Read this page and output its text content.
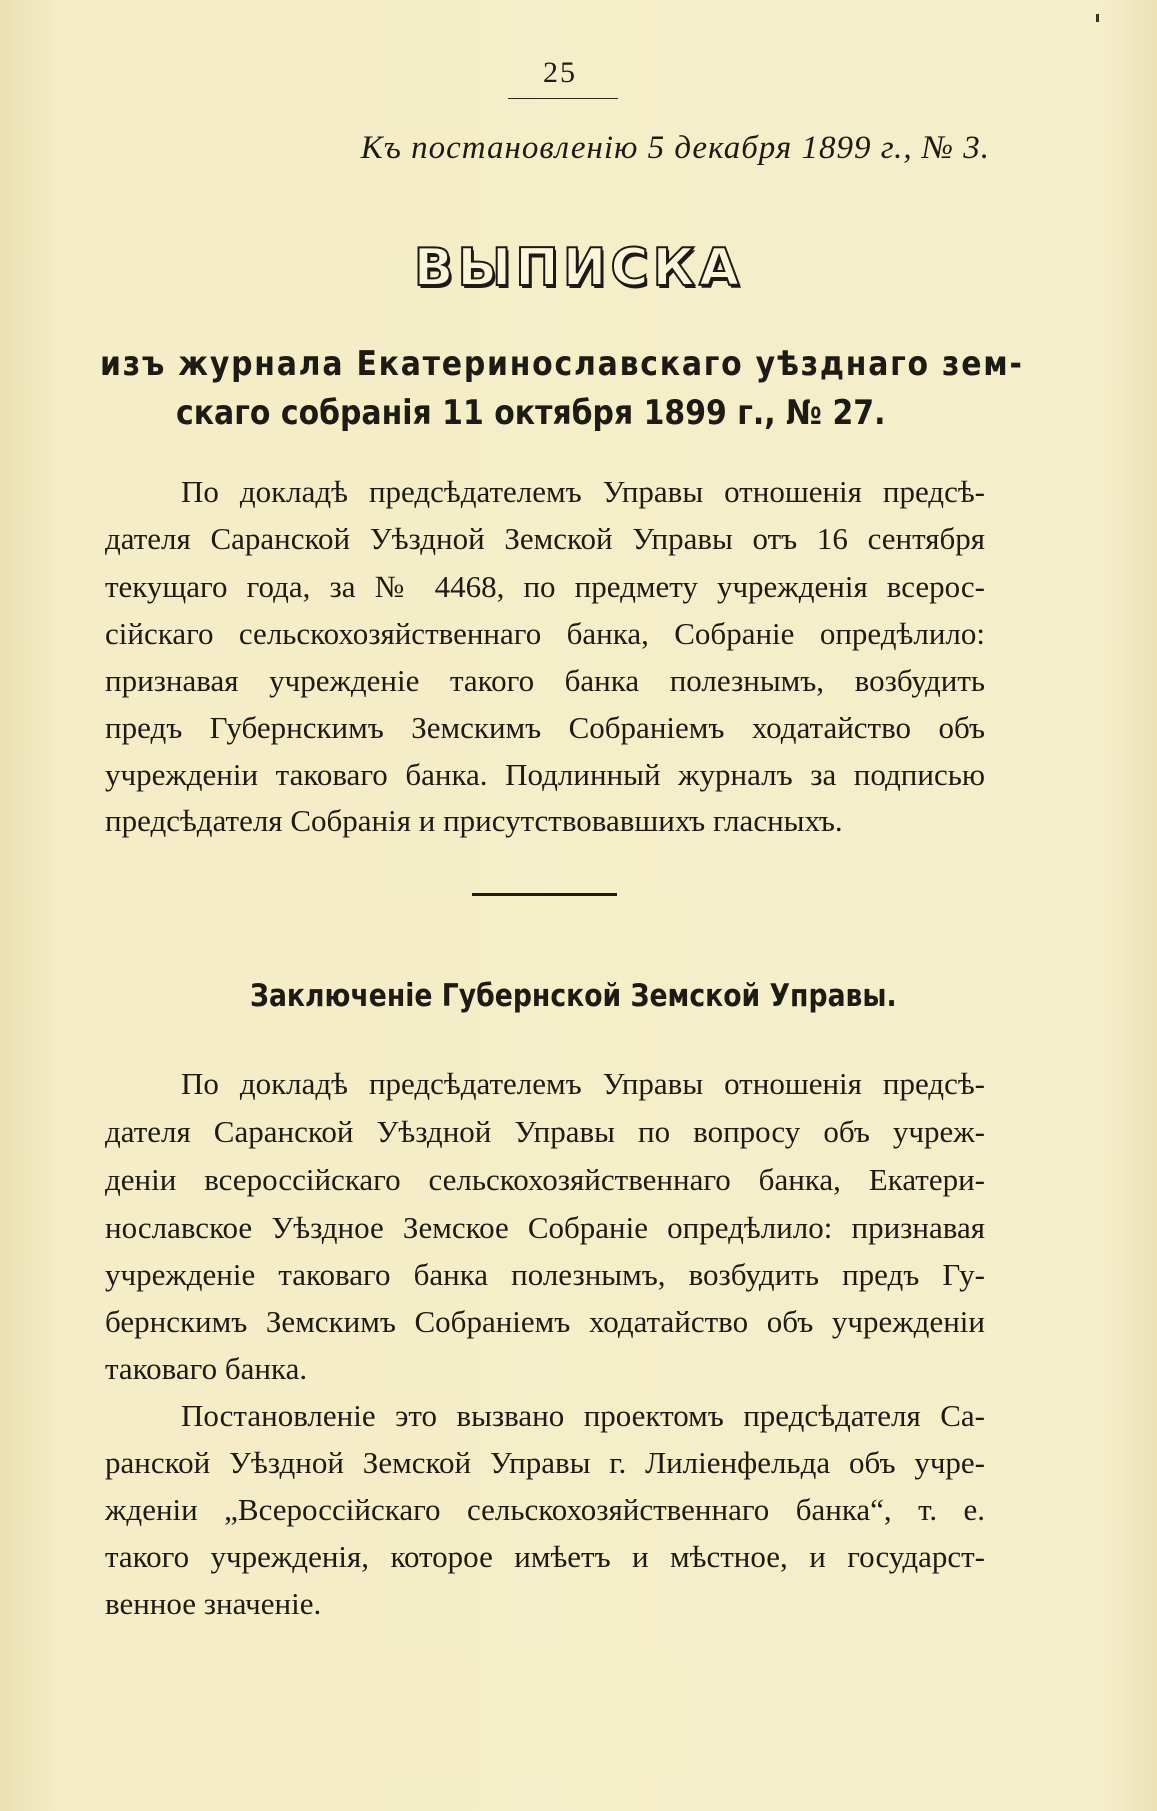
25
Къ постановленію 5 декабря 1899 г., № 3.
ВЫПИСКА
изъ журнала Екатеринославскаго уѣзднаго зем-
скаго собранія 11 октября 1899 г., № 27.
По докладѣ предсѣдателемъ Управы отношенія предсѣ-
дателя Саранской Уѣздной Земской Управы отъ 16 сентября
текущаго года, за № 4468, по предмету учрежденія всерос-
сійскаго сельскохозяйственнаго банка, Собраніе опредѣлило:
признавая учрежденіе такого банка полезнымъ, возбудить
предъ Губернскимъ Земскимъ Собраніемъ ходатайство объ
учрежденіи таковаго банка. Подлинный журналъ за подписью
предсѣдателя Собранія и присутствовавшихъ гласныхъ.
Заключеніе Губернской Земской Управы.
По докладѣ предсѣдателемъ Управы отношенія предсѣ-
дателя Саранской Уѣздной Управы по вопросу объ учреж-
деніи всероссійскаго сельскохозяйственнаго банка, Екатери-
нославское Уѣздное Земское Собраніе опредѣлило: признавая
учрежденіе таковаго банка полезнымъ, возбудить предъ Гу-
бернскимъ Земскимъ Собраніемъ ходатайство объ учрежденіи
таковаго банка.
Постановленіе это вызвано проектомъ предсѣдателя Са-
ранской Уѣздной Земской Управы г. Лиліенфельда объ учре-
жденіи „Всероссійскаго сельскохозяйственнаго банка“, т. е.
такого учрежденія, которое имѣетъ и мѣстное, и государст-
венное значеніе.
